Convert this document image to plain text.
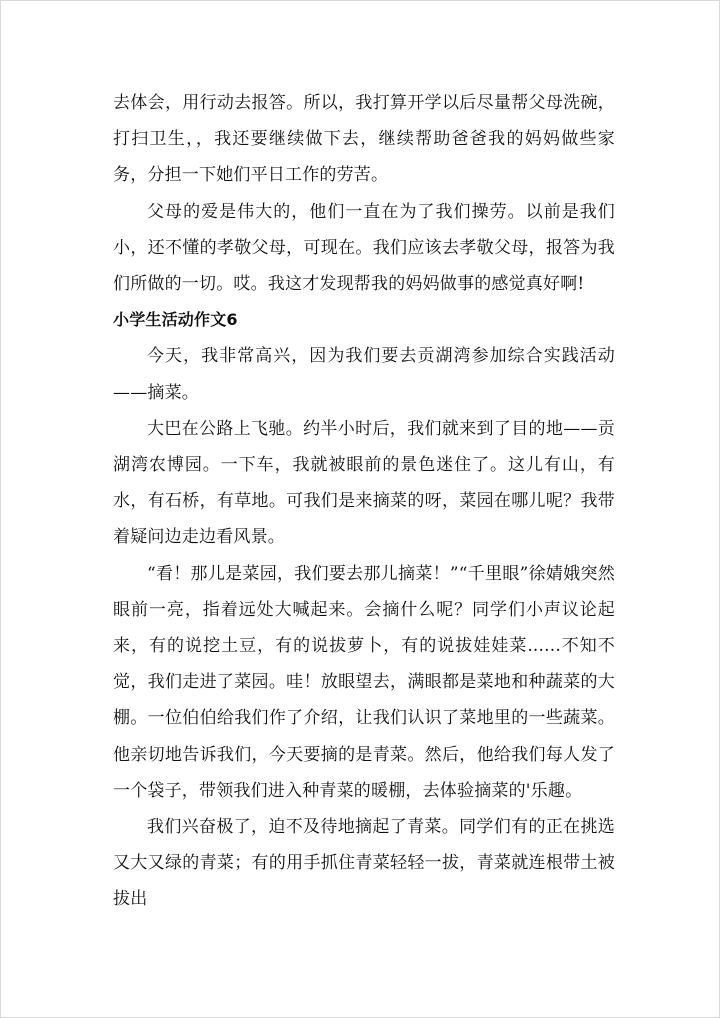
去体会，用行动去报答。所以，我打算开学以后尽量帮父母洗碗，打扫卫生，，我还要继续做下去，继续帮助爸爸我的妈妈做些家务，分担一下她们平日工作的劳苦。

父母的爱是伟大的，他们一直在为了我们操劳。以前是我们小，还不懂的孝敬父母，可现在。我们应该去孝敬父母，报答为我们所做的一切。哎。我这才发现帮我的妈妈做事的感觉真好啊!

小学生活动作文6

今天，我非常高兴，因为我们要去贡湖湾参加综合实践活动——摘菜。

大巴在公路上飞驰。约半小时后，我们就来到了目的地——贡湖湾农博园。一下车，我就被眼前的景色迷住了。这儿有山，有水，有石桥，有草地。可我们是来摘菜的呀，菜园在哪儿呢？我带着疑问边走边看风景。

“看！那儿是菜园，我们要去那儿摘菜！”“千里眼”徐婧娥突然眼前一亮，指着远处大喊起来。会摘什么呢？同学们小声议论起来，有的说挖土豆，有的说拔萝卜，有的说拔娃娃菜......不知不觉，我们走进了菜园。哇！放眼望去，满眼都是菜地和种蔬菜的大棚。一位伯伯给我们作了介绍，让我们认识了菜地里的一些蔬菜。他亲切地告诉我们，今天要摘的是青菜。然后，他给我们每人发了一个袋子，带领我们进入种青菜的暖棚，去体验摘菜的'乐趣。

我们兴奋极了，迫不及待地摘起了青菜。同学们有的正在挑选又大又绿的青菜；有的用手抓住青菜轻轻一拔，青菜就连根带土被拔出
